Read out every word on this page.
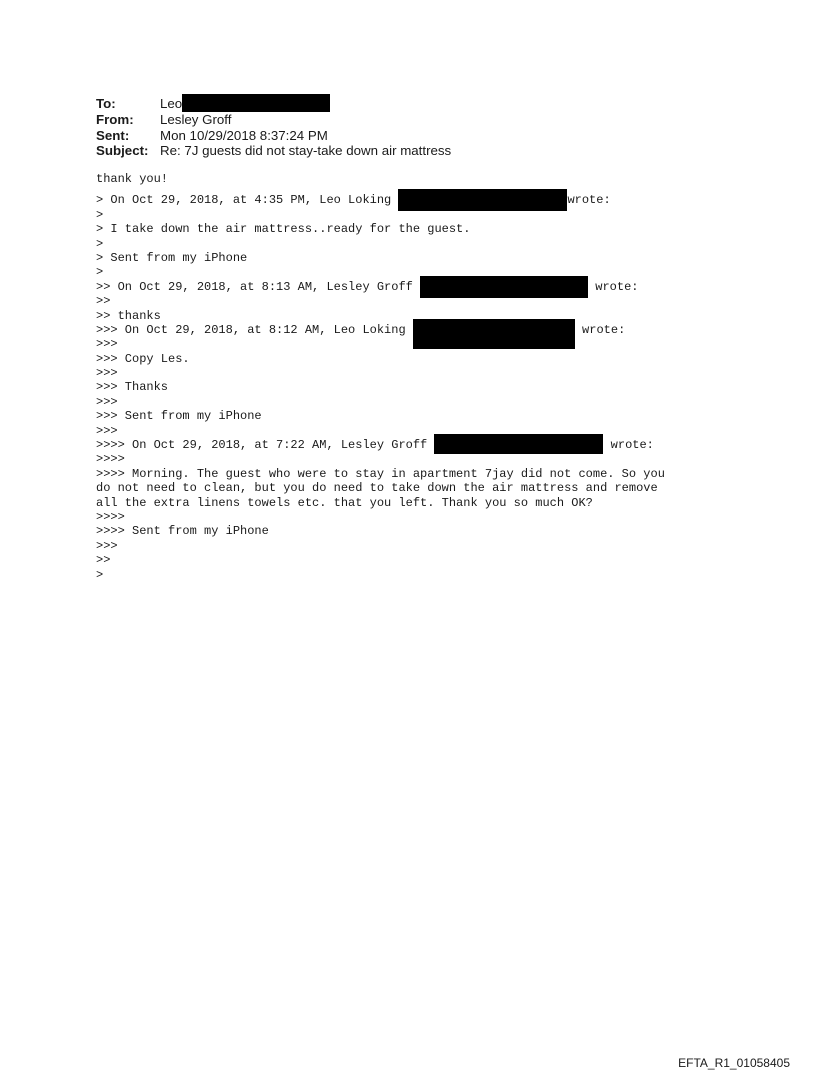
To:	Leo
From:	Lesley Groff
Sent:	Mon 10/29/2018 8:37:24 PM
Subject: Re: 7J guests did not stay-take down air mattress
thank you!
> On Oct 29, 2018, at 4:35 PM, Leo Loking	wrote:
>
> I take down the air mattress..ready for the guest.
>
> Sent from my iPhone
>
>> On Oct 29, 2018, at 8:13 AM, Lesley Groff	wrote:
>>
>> thanks
>>> On Oct 29, 2018, at 8:12 AM, Leo Loking	wrote:
>>>
>>> Copy Les.
>>>
>>> Thanks
>>>
>>> Sent from my iPhone
>>>
>>>> On Oct 29, 2018, at 7:22 AM, Lesley Groff	wrote:
>>>>
>>>> Morning. The guest who were to stay in apartment 7jay did not come. So you
do not need to clean, but you do need to take down the air mattress and remove
all the extra linens towels etc. that you left. Thank you so much OK?
>>>>
>>>> Sent from my iPhone
>>>
>>
>
EFTA_R1_01058405
